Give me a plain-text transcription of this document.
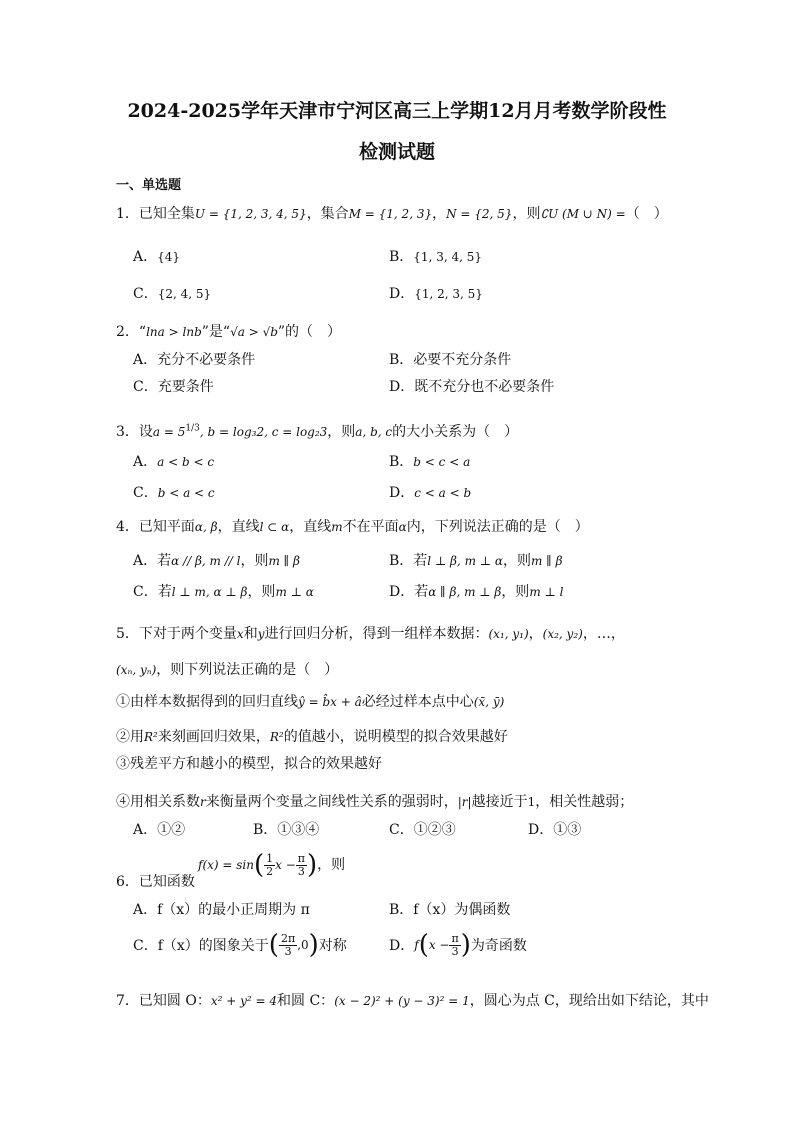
2024-2025学年天津市宁河区高三上学期12月月考数学阶段性
检测试题
一、单选题
1．已知全集U = {1, 2, 3, 4, 5}，集合M = {1, 2, 3}，N = {2, 5}，则∁U (M ∪ N) =（　）
A．{4}	B．{1, 3, 4, 5}
C．{2, 4, 5}	D．{1, 2, 3, 5}
2．“lna > lnb”是“√a > √b”的（　）
A．充分不必要条件	B．必要不充分条件
C．充要条件	D．既不充分也不必要条件
3．设$a = 5^{1/3}$, b = log₃2, c = log₂3，则a, b, c的大小关系为（　）
A．a < b < c	B．b < c < a
C．b < a < c	D．c < a < b
4．已知平面α, β，直线l ⊂ α，直线m不在平面α内，下列说法正确的是（　）
A．若α // β, m // l，则m ∥ β	B．若l ⊥ β, m ⊥ α，则m ∥ β
C．若l ⊥ m, α ⊥ β，则m ⊥ α	D．若α ∥ β, m ⊥ β，则m ⊥ l
5．下对于两个变量x和y进行回归分析，得到一组样本数据：(x₁, y₁)，(x₂, y₂)，…，
(xₙ, yₙ)，则下列说法正确的是（　）
①由样本数据得到的回归直线ŷ = b̂x + â必经过样本点中心(x̄, ȳ)
②用R²来刻画回归效果，R²的值越小，说明模型的拟合效果越好
③残差平方和越小的模型，拟合的效果越好
④用相关系数r来衡量两个变量之间线性关系的强弱时，|r|越接近于1，相关性越弱；
A．①②	B．①③④	C．①②③	D．①③
6．已知函数
$f(x) = \sin( \frac{1}{2}$ $x - \frac{\pi}{3}$ )，则
A．f（x）的最小正周期为 π	B．f（x）为偶函数
C．f（x）的图象关于( $\frac{2\pi}{3} ,0$)对称	D．$f(x - \frac{\pi}{3}$ )为奇函数
7．已知圆 O：x² + y² = 4和圆 C：(x − 2)² + (y − 3)² = 1，圆心为点 C，现给出如下结论，其中
